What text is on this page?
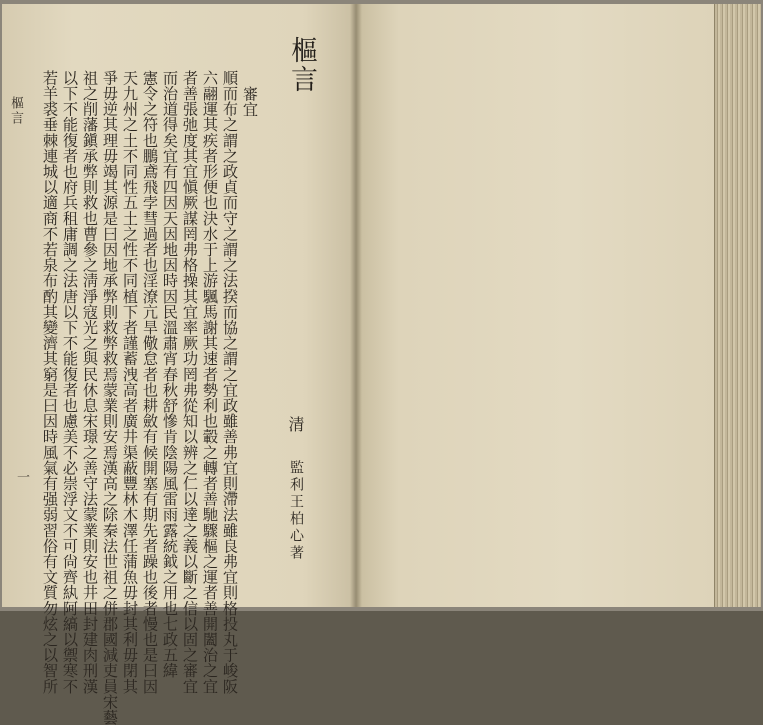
樞言
清
監利王柏心著

審宜

順而布之謂之政貞而守之謂之法揆而協之謂之宜政雖善弗宜則滯法雖良弗宜則格投丸于峻阪

六翮運其疾者形便也決水于上游颿馬謝其速者勢利也轂之轉者善馳驟樞之運者善開闔治之宜

者善張弛度其宜愼厥謀罔弗格操其宜率厥功罔弗從知以辨之仁以達之義以斷之信以固之審宜

而治道得矣宜有四因天因地因時因民溫肅宵春秋舒慘肯陰陽風雷雨露統鉞之用也七政五緯

憲令之符也鵬鳶飛孛彗過者也淫潦亢旱儆怠者也耕斂有候開塞有期先者躁也後者慢也是曰因

天九州之土不同性五土之性不同植下者謹蓄洩高者廣井渠蔽豐林木澤任蒲魚毋封其利毋閉其

爭毋逆其理毋竭其源是曰因地承弊則救弊救焉蒙業則安焉漢高之除秦法世祖之併郡國減吏員宋藝

祖之削藩鎭承弊則救也曹參之淸淨寇光之與民休息宋璟之善守法蒙業則安也井田封建肉刑漢

以下不能復者也府兵租庸調之法唐以下不能復者也慮美不必崇浮文不可尙齊紈阿縞以禦寒不

若羊裘垂棘連城以適商不若泉布酌其變濟其窮是曰因時風氣有强弱習俗有文質勿炫之以智所

樞言
一
